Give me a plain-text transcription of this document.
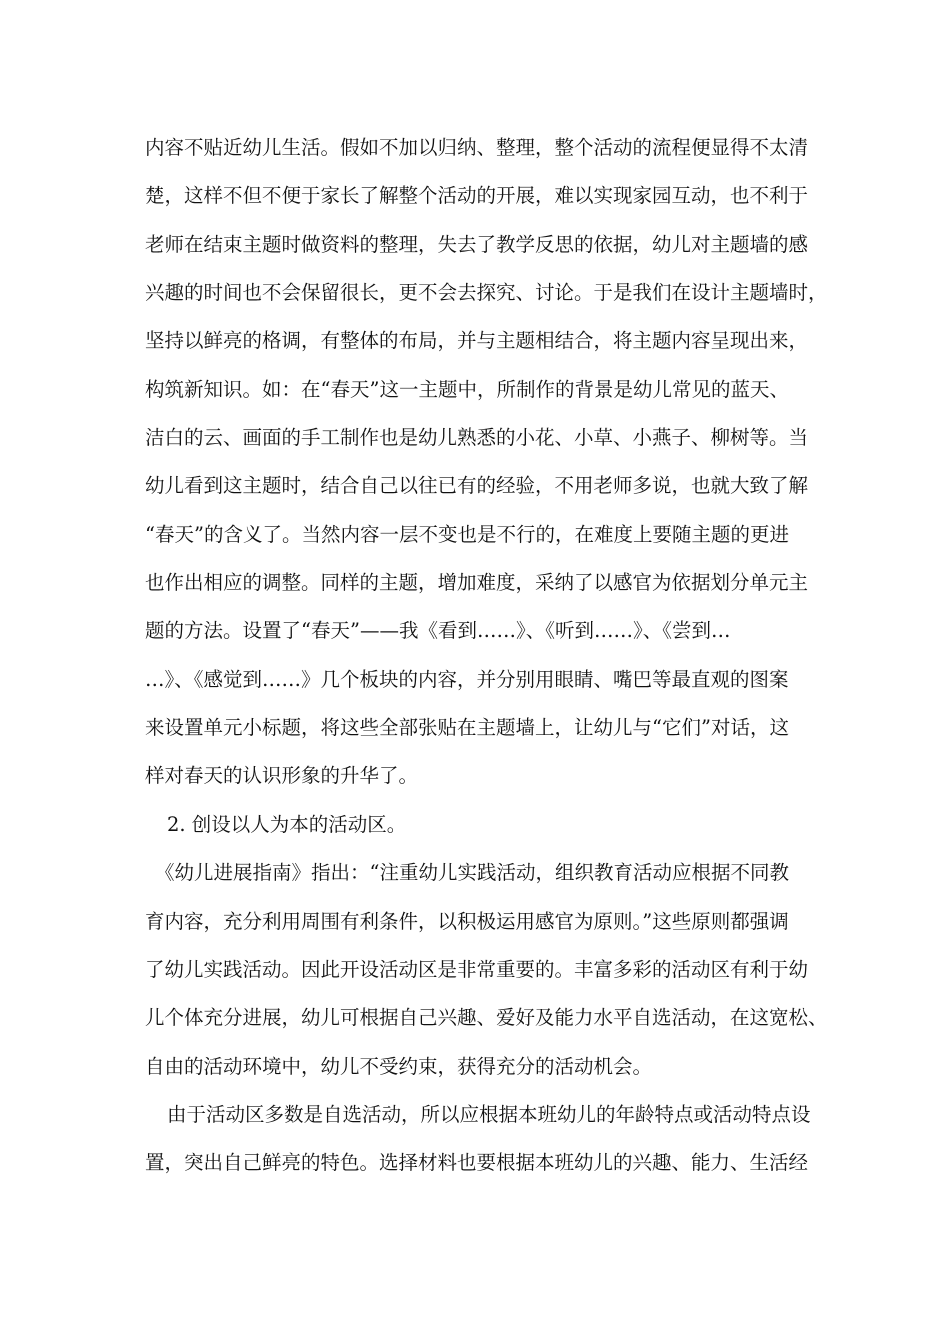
内容不贴近幼儿生活。假如不加以归纳、整理，整个活动的流程便显得不太清
楚，这样不但不便于家长了解整个活动的开展，难以实现家园互动，也不利于
老师在结束主题时做资料的整理，失去了教学反思的依据，幼儿对主题墙的感
兴趣的时间也不会保留很长，更不会去探究、讨论。于是我们在设计主题墙时，
坚持以鲜亮的格调，有整体的布局，并与主题相结合，将主题内容呈现出来，
构筑新知识。如：在“春天”这一主题中，所制作的背景是幼儿常见的蓝天、
洁白的云、画面的手工制作也是幼儿熟悉的小花、小草、小燕子、柳树等。当
幼儿看到这主题时，结合自己以往已有的经验，不用老师多说，也就大致了解
“春天”的含义了。当然内容一层不变也是不行的，在难度上要随主题的更进
也作出相应的调整。同样的主题，增加难度，采纳了以感官为依据划分单元主
题的方法。设置了“春天”——我《看到……》、《听到……》、《尝到…
…》、《感觉到……》几个板块的内容，并分别用眼睛、嘴巴等最直观的图案
来设置单元小标题，将这些全部张贴在主题墙上，让幼儿与“它们”对话，这
样对春天的认识形象的升华了。
2. 创设以人为本的活动区。
《幼儿进展指南》指出：“注重幼儿实践活动，组织教育活动应根据不同教
育内容，充分利用周围有利条件，以积极运用感官为原则。”这些原则都强调
了幼儿实践活动。因此开设活动区是非常重要的。丰富多彩的活动区有利于幼
儿个体充分进展，幼儿可根据自己兴趣、爱好及能力水平自选活动，在这宽松、
自由的活动环境中，幼儿不受约束，获得充分的活动机会。
由于活动区多数是自选活动，所以应根据本班幼儿的年龄特点或活动特点设
置，突出自己鲜亮的特色。选择材料也要根据本班幼儿的兴趣、能力、生活经
